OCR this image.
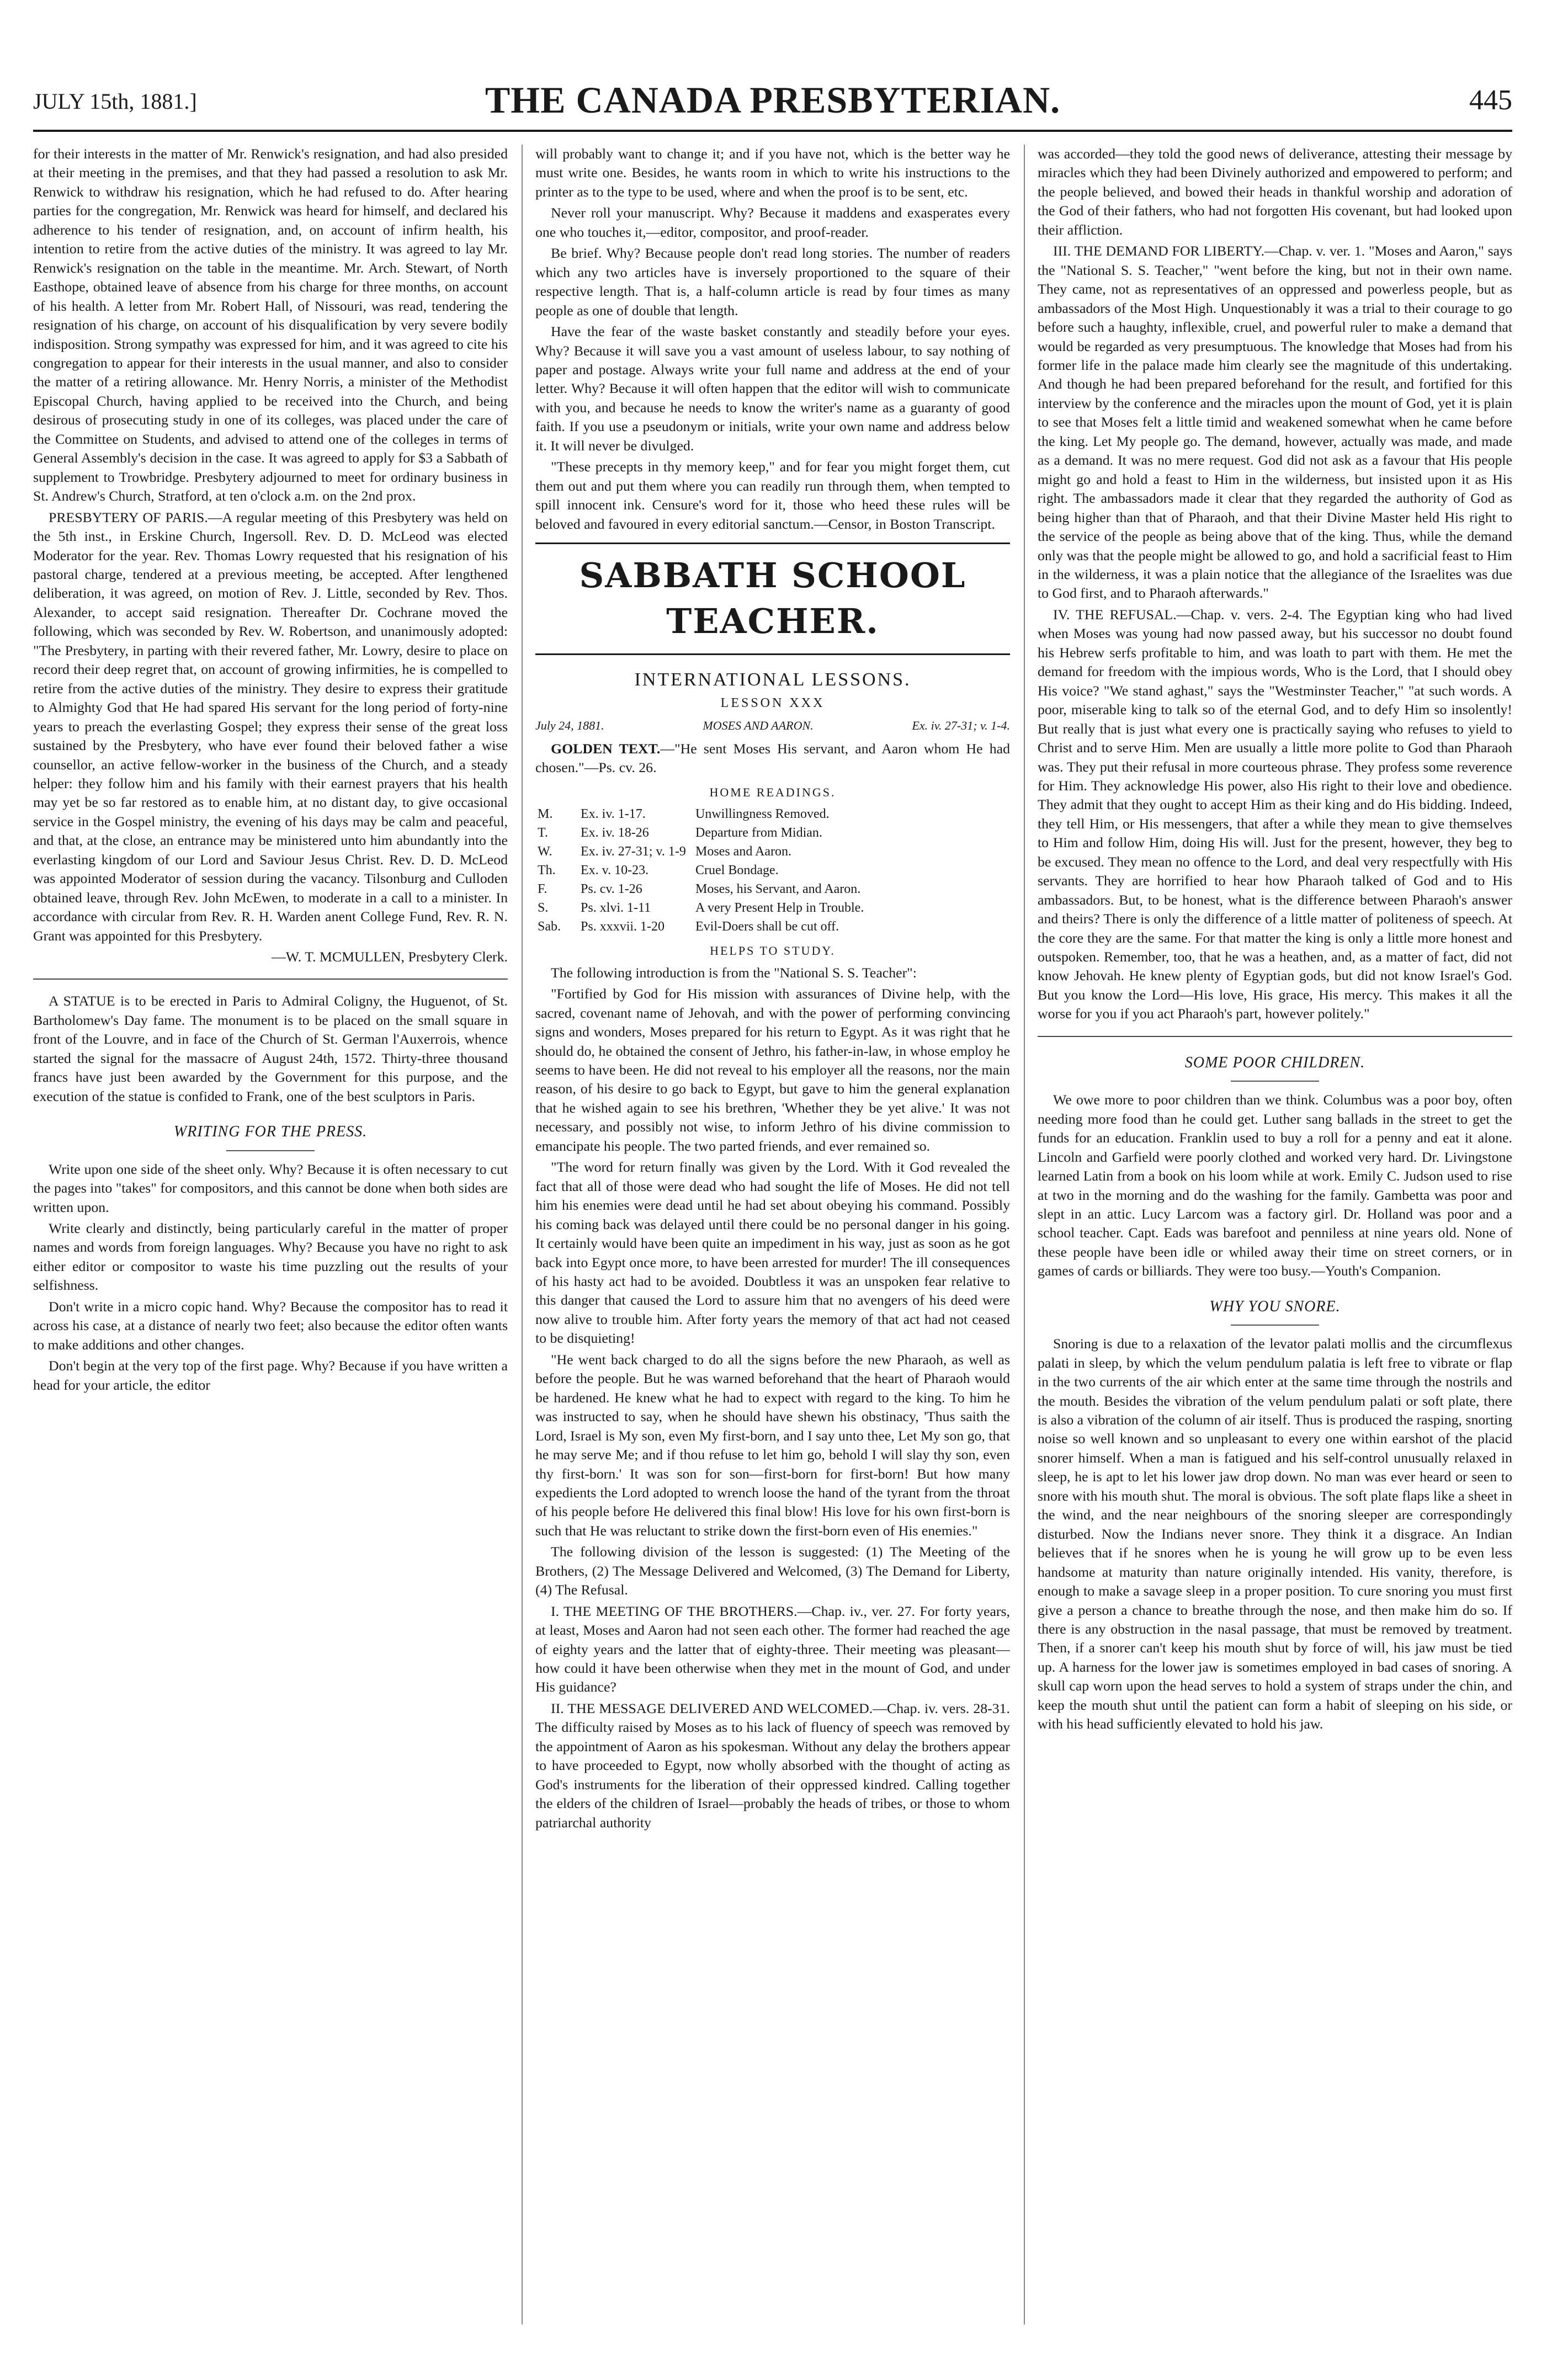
JULY 15th, 1881.]	THE CANADA PRESBYTERIAN.	445

for their interests in the matter of Mr. Renwick's resignation, and had also presided at their meeting in the premises, and that they had passed a resolution to ask Mr. Renwick to withdraw his resignation, which he had refused to do. After hearing parties for the congregation, Mr. Renwick was heard for himself, and declared his adherence to his tender of resignation, and, on account of infirm health, his intention to retire from the active duties of the ministry. It was agreed to lay Mr. Renwick's resignation on the table in the meantime. Mr. Arch. Stewart, of North Easthope, obtained leave of absence from his charge for three months, on account of his health. A letter from Mr. Robert Hall, of Nissouri, was read, tendering the resignation of his charge, on account of his disqualification by very severe bodily indisposition. Strong sympathy was expressed for him, and it was agreed to cite his congregation to appear for their interests in the usual manner, and also to consider the matter of a retiring allowance. Mr. Henry Norris, a minister of the Methodist Episcopal Church, having applied to be received into the Church, and being desirous of prosecuting study in one of its colleges, was placed under the care of the Committee on Students, and advised to attend one of the colleges in terms of General Assembly's decision in the case. It was agreed to apply for $3 a Sabbath of supplement to Trowbridge. Presbytery adjourned to meet for ordinary business in St. Andrew's Church, Stratford, at ten o'clock a.m. on the 2nd prox.

PRESBYTERY OF PARIS.—A regular meeting of this Presbytery was held on the 5th inst., in Erskine Church, Ingersoll. Rev. D. D. McLeod was elected Moderator for the year. Rev. Thomas Lowry requested that his resignation of his pastoral charge, tendered at a previous meeting, be accepted. After lengthened deliberation, it was agreed, on motion of Rev. J. Little, seconded by Rev. Thos. Alexander, to accept said resignation. Thereafter Dr. Cochrane moved the following, which was seconded by Rev. W. Robertson, and unanimously adopted: "The Presbytery, in parting with their revered father, Mr. Lowry, desire to place on record their deep regret that, on account of growing infirmities, he is compelled to retire from the active duties of the ministry. They desire to express their gratitude to Almighty God that He had spared His servant for the long period of forty-nine years to preach the everlasting Gospel; they express their sense of the great loss sustained by the Presbytery, who have ever found their beloved father a wise counsellor, an active fellow-worker in the business of the Church, and a steady helper: they follow him and his family with their earnest prayers that his health may yet be so far restored as to enable him, at no distant day, to give occasional service in the Gospel ministry, the evening of his days may be calm and peaceful, and that, at the close, an entrance may be ministered unto him abundantly into the everlasting kingdom of our Lord and Saviour Jesus Christ. Rev. D. D. McLeod was appointed Moderator of session during the vacancy. Tilsonburg and Culloden obtained leave, through Rev. John McEwen, to moderate in a call to a minister. In accordance with circular from Rev. R. H. Warden anent College Fund, Rev. R. N. Grant was appointed for this Presbytery.

—W. T. MCMULLEN, Presbytery Clerk.

A STATUE is to be erected in Paris to Admiral Coligny, the Huguenot, of St. Bartholomew's Day fame. The monument is to be placed on the small square in front of the Louvre, and in face of the Church of St. German l'Auxerrois, whence started the signal for the massacre of August 24th, 1572. Thirty-three thousand francs have just been awarded by the Government for this purpose, and the execution of the statue is confided to Frank, one of the best sculptors in Paris.

WRITING FOR THE PRESS.

Write upon one side of the sheet only. Why? Because it is often necessary to cut the pages into "takes" for compositors, and this cannot be done when both sides are written upon.

Write clearly and distinctly, being particularly careful in the matter of proper names and words from foreign languages. Why? Because you have no right to ask either editor or compositor to waste his time puzzling out the results of your selfishness.

Don't write in a micro copic hand. Why? Because the compositor has to read it across his case, at a distance of nearly two feet; also because the editor often wants to make additions and other changes.

Don't begin at the very top of the first page. Why? Because if you have written a head for your article, the editor

will probably want to change it; and if you have not, which is the better way he must write one. Besides, he wants room in which to write his instructions to the printer as to the type to be used, where and when the proof is to be sent, etc.

Never roll your manuscript. Why? Because it maddens and exasperates every one who touches it,—editor, compositor, and proof-reader.

Be brief. Why? Because people don't read long stories. The number of readers which any two articles have is inversely proportioned to the square of their respective length. That is, a half-column article is read by four times as many people as one of double that length.

Have the fear of the waste basket constantly and steadily before your eyes. Why? Because it will save you a vast amount of useless labour, to say nothing of paper and postage. Always write your full name and address at the end of your letter. Why? Because it will often happen that the editor will wish to communicate with you, and because he needs to know the writer's name as a guaranty of good faith. If you use a pseudonym or initials, write your own name and address below it. It will never be divulged.

"These precepts in thy memory keep," and for fear you might forget them, cut them out and put them where you can readily run through them, when tempted to spill innocent ink. Censure's word for it, those who heed these rules will be beloved and favoured in every editorial sanctum.—Censor, in Boston Transcript.

SABBATH SCHOOL TEACHER.
INTERNATIONAL LESSONS.
LESSON XXX
July 24, 1881.	MOSES AND AARON.	Ex. iv. 27-31; v. 1-4.

GOLDEN TEXT.—"He sent Moses His servant, and Aaron whom He had chosen."—Ps. cv. 26.

HOME READINGS.
M.	Ex. iv. 1-17.	Unwillingness Removed.
T.	Ex. iv. 18-26	Departure from Midian.
W.	Ex. iv. 27-31; v. 1-9	Moses and Aaron.
Th.	Ex. v. 10-23.	Cruel Bondage.
F.	Ps. cv. 1-26	Moses, his Servant, and Aaron.
S.	Ps. xlvi. 1-11	A very Present Help in Trouble.
Sab.	Ps. xxxvii. 1-20	Evil-Doers shall be cut off.
HELPS TO STUDY.

The following introduction is from the "National S. S. Teacher":

"Fortified by God for His mission with assurances of Divine help, with the sacred, covenant name of Jehovah, and with the power of performing convincing signs and wonders, Moses prepared for his return to Egypt. As it was right that he should do, he obtained the consent of Jethro, his father-in-law, in whose employ he seems to have been. He did not reveal to his employer all the reasons, nor the main reason, of his desire to go back to Egypt, but gave to him the general explanation that he wished again to see his brethren, 'Whether they be yet alive.' It was not necessary, and possibly not wise, to inform Jethro of his divine commission to emancipate his people. The two parted friends, and ever remained so.

"The word for return finally was given by the Lord. With it God revealed the fact that all of those were dead who had sought the life of Moses. He did not tell him his enemies were dead until he had set about obeying his command. Possibly his coming back was delayed until there could be no personal danger in his going. It certainly would have been quite an impediment in his way, just as soon as he got back into Egypt once more, to have been arrested for murder! The ill consequences of his hasty act had to be avoided. Doubtless it was an unspoken fear relative to this danger that caused the Lord to assure him that no avengers of his deed were now alive to trouble him. After forty years the memory of that act had not ceased to be disquieting!

"He went back charged to do all the signs before the new Pharaoh, as well as before the people. But he was warned beforehand that the heart of Pharaoh would be hardened. He knew what he had to expect with regard to the king. To him he was instructed to say, when he should have shewn his obstinacy, 'Thus saith the Lord, Israel is My son, even My first-born, and I say unto thee, Let My son go, that he may serve Me; and if thou refuse to let him go, behold I will slay thy son, even thy first-born.' It was son for son—first-born for first-born! But how many expedients the Lord adopted to wrench loose the hand of the tyrant from the throat of his people before He delivered this final blow! His love for his own first-born is such that He was reluctant to strike down the first-born even of His enemies."

The following division of the lesson is suggested: (1) The Meeting of the Brothers, (2) The Message Delivered and Welcomed, (3) The Demand for Liberty, (4) The Refusal.

I. THE MEETING OF THE BROTHERS.—Chap. iv., ver. 27. For forty years, at least, Moses and Aaron had not seen each other. The former had reached the age of eighty years and the latter that of eighty-three. Their meeting was pleasant—how could it have been otherwise when they met in the mount of God, and under His guidance?

II. THE MESSAGE DELIVERED AND WELCOMED.—Chap. iv. vers. 28-31. The difficulty raised by Moses as to his lack of fluency of speech was removed by the appointment of Aaron as his spokesman. Without any delay the brothers appear to have proceeded to Egypt, now wholly absorbed with the thought of acting as God's instruments for the liberation of their oppressed kindred. Calling together the elders of the children of Israel—probably the heads of tribes, or those to whom patriarchal authority

was accorded—they told the good news of deliverance, attesting their message by miracles which they had been Divinely authorized and empowered to perform; and the people believed, and bowed their heads in thankful worship and adoration of the God of their fathers, who had not forgotten His covenant, but had looked upon their affliction.

III. THE DEMAND FOR LIBERTY.—Chap. v. ver. 1. "Moses and Aaron," says the "National S. S. Teacher," "went before the king, but not in their own name. They came, not as representatives of an oppressed and powerless people, but as ambassadors of the Most High. Unquestionably it was a trial to their courage to go before such a haughty, inflexible, cruel, and powerful ruler to make a demand that would be regarded as very presumptuous. The knowledge that Moses had from his former life in the palace made him clearly see the magnitude of this undertaking. And though he had been prepared beforehand for the result, and fortified for this interview by the conference and the miracles upon the mount of God, yet it is plain to see that Moses felt a little timid and weakened somewhat when he came before the king. Let My people go. The demand, however, actually was made, and made as a demand. It was no mere request. God did not ask as a favour that His people might go and hold a feast to Him in the wilderness, but insisted upon it as His right. The ambassadors made it clear that they regarded the authority of God as being higher than that of Pharaoh, and that their Divine Master held His right to the service of the people as being above that of the king. Thus, while the demand only was that the people might be allowed to go, and hold a sacrificial feast to Him in the wilderness, it was a plain notice that the allegiance of the Israelites was due to God first, and to Pharaoh afterwards."

IV. THE REFUSAL.—Chap. v. vers. 2-4. The Egyptian king who had lived when Moses was young had now passed away, but his successor no doubt found his Hebrew serfs profitable to him, and was loath to part with them. He met the demand for freedom with the impious words, Who is the Lord, that I should obey His voice? "We stand aghast," says the "Westminster Teacher," "at such words. A poor, miserable king to talk so of the eternal God, and to defy Him so insolently! But really that is just what every one is practically saying who refuses to yield to Christ and to serve Him. Men are usually a little more polite to God than Pharaoh was. They put their refusal in more courteous phrase. They profess some reverence for Him. They acknowledge His power, also His right to their love and obedience. They admit that they ought to accept Him as their king and do His bidding. Indeed, they tell Him, or His messengers, that after a while they mean to give themselves to Him and follow Him, doing His will. Just for the present, however, they beg to be excused. They mean no offence to the Lord, and deal very respectfully with His servants. They are horrified to hear how Pharaoh talked of God and to His ambassadors. But, to be honest, what is the difference between Pharaoh's answer and theirs? There is only the difference of a little matter of politeness of speech. At the core they are the same. For that matter the king is only a little more honest and outspoken. Remember, too, that he was a heathen, and, as a matter of fact, did not know Jehovah. He knew plenty of Egyptian gods, but did not know Israel's God. But you know the Lord—His love, His grace, His mercy. This makes it all the worse for you if you act Pharaoh's part, however politely."

SOME POOR CHILDREN.

We owe more to poor children than we think. Columbus was a poor boy, often needing more food than he could get. Luther sang ballads in the street to get the funds for an education. Franklin used to buy a roll for a penny and eat it alone. Lincoln and Garfield were poorly clothed and worked very hard. Dr. Livingstone learned Latin from a book on his loom while at work. Emily C. Judson used to rise at two in the morning and do the washing for the family. Gambetta was poor and slept in an attic. Lucy Larcom was a factory girl. Dr. Holland was poor and a school teacher. Capt. Eads was barefoot and penniless at nine years old. None of these people have been idle or whiled away their time on street corners, or in games of cards or billiards. They were too busy.—Youth's Companion.

WHY YOU SNORE.

Snoring is due to a relaxation of the levator palati mollis and the circumflexus palati in sleep, by which the velum pendulum palatia is left free to vibrate or flap in the two currents of the air which enter at the same time through the nostrils and the mouth. Besides the vibration of the velum pendulum palati or soft plate, there is also a vibration of the column of air itself. Thus is produced the rasping, snorting noise so well known and so unpleasant to every one within earshot of the placid snorer himself. When a man is fatigued and his self-control unusually relaxed in sleep, he is apt to let his lower jaw drop down. No man was ever heard or seen to snore with his mouth shut. The moral is obvious. The soft plate flaps like a sheet in the wind, and the near neighbours of the snoring sleeper are correspondingly disturbed. Now the Indians never snore. They think it a disgrace. An Indian believes that if he snores when he is young he will grow up to be even less handsome at maturity than nature originally intended. His vanity, therefore, is enough to make a savage sleep in a proper position. To cure snoring you must first give a person a chance to breathe through the nose, and then make him do so. If there is any obstruction in the nasal passage, that must be removed by treatment. Then, if a snorer can't keep his mouth shut by force of will, his jaw must be tied up. A harness for the lower jaw is sometimes employed in bad cases of snoring. A skull cap worn upon the head serves to hold a system of straps under the chin, and keep the mouth shut until the patient can form a habit of sleeping on his side, or with his head sufficiently elevated to hold his jaw.
